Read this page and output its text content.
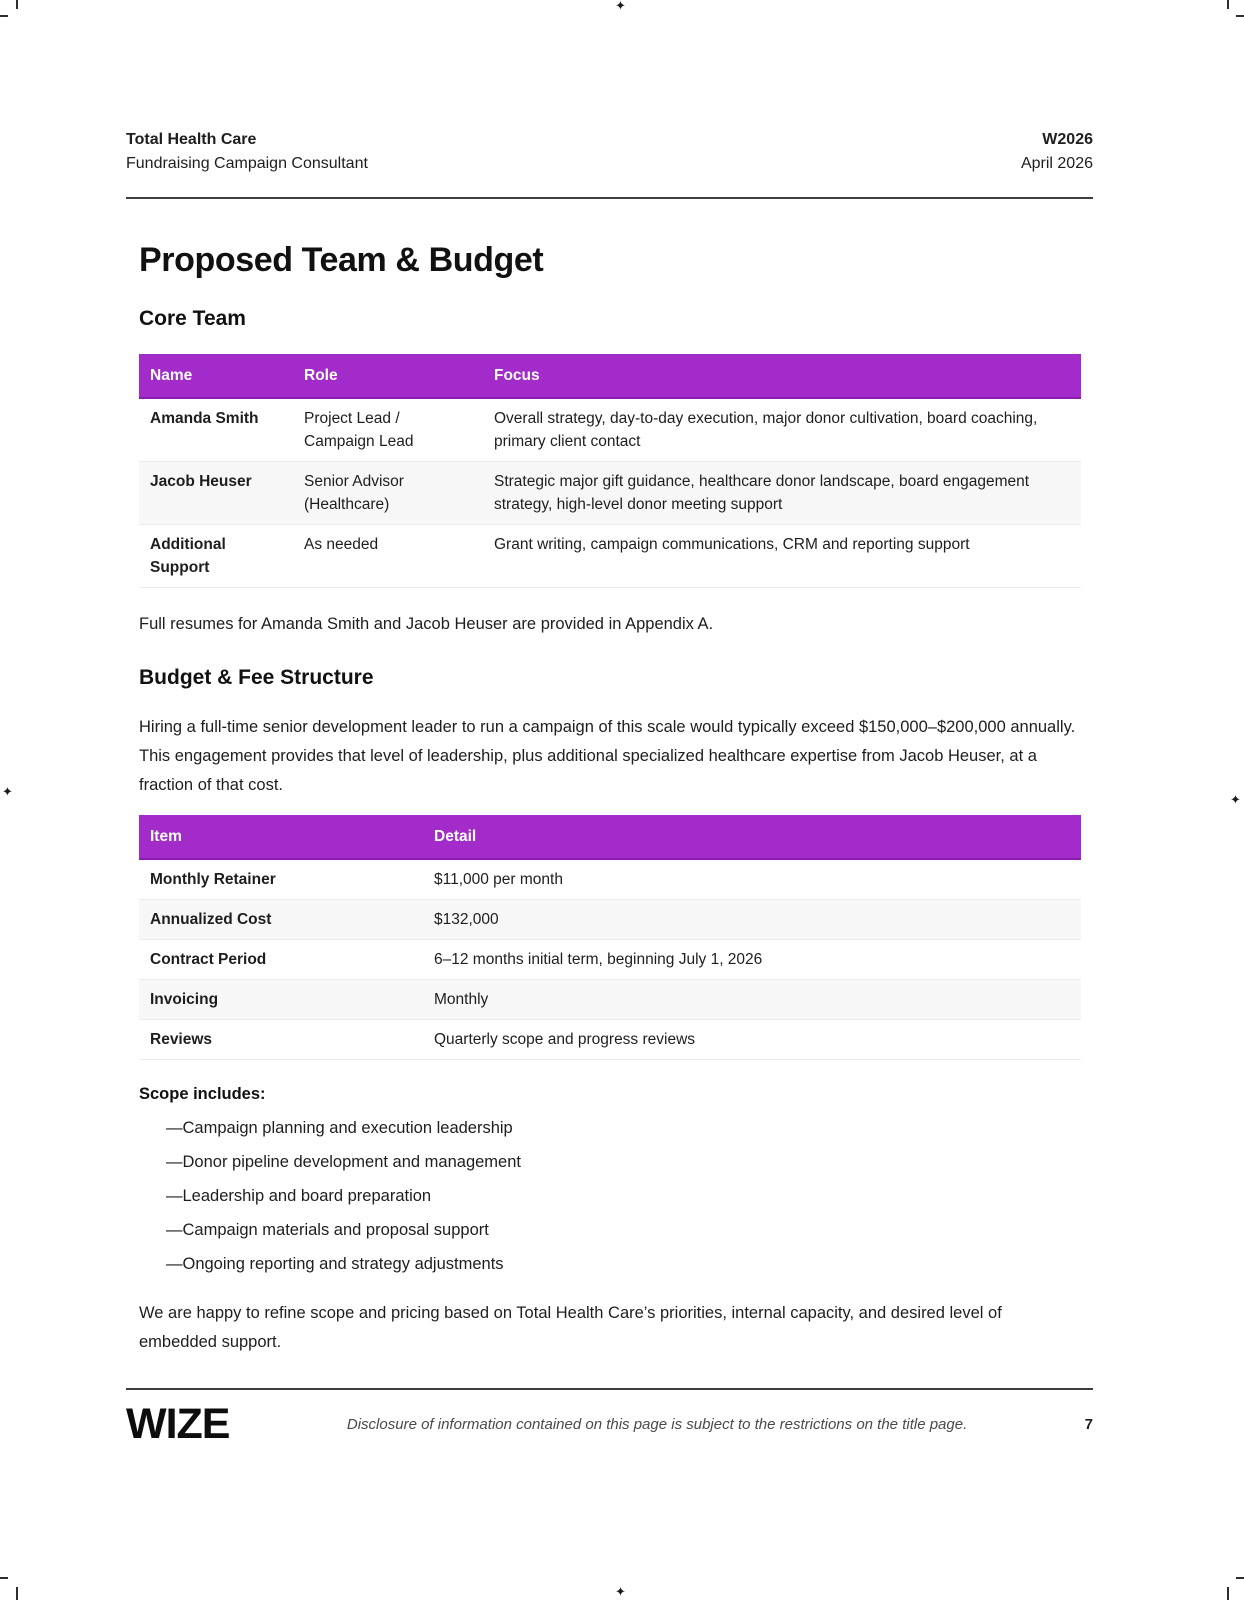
✦
✦
✦
✦
Total Health Care
Fundraising Campaign Consultant
W2026
April 2026
Proposed Team & Budget
Core Team
Name	Role	Focus
Amanda Smith	Project Lead / Campaign Lead	Overall strategy, day-to-day execution, major donor cultivation, board coaching, primary client contact
Jacob Heuser	Senior Advisor (Healthcare)	Strategic major gift guidance, healthcare donor landscape, board engagement strategy, high-level donor meeting support
Additional Support	As needed	Grant writing, campaign communications, CRM and reporting support

Full resumes for Amanda Smith and Jacob Heuser are provided in Appendix A.

Budget & Fee Structure

Hiring a full-time senior development leader to run a campaign of this scale would typically exceed $150,000–$200,000 annually. This engagement provides that level of leadership, plus additional specialized healthcare expertise from Jacob Heuser, at a fraction of that cost.

Item	Detail
Monthly Retainer	$11,000 per month
Annualized Cost	$132,000
Contract Period	6–12 months initial term, beginning July 1, 2026
Invoicing	Monthly
Reviews	Quarterly scope and progress reviews
Scope includes:
—Campaign planning and execution leadership
—Donor pipeline development and management
—Leadership and board preparation
—Campaign materials and proposal support
—Ongoing reporting and strategy adjustments

We are happy to refine scope and pricing based on Total Health Care’s priorities, internal capacity, and desired level of embedded support.

WIZE	Disclosure of information contained on this page is subject to the restrictions on the title page.	7
